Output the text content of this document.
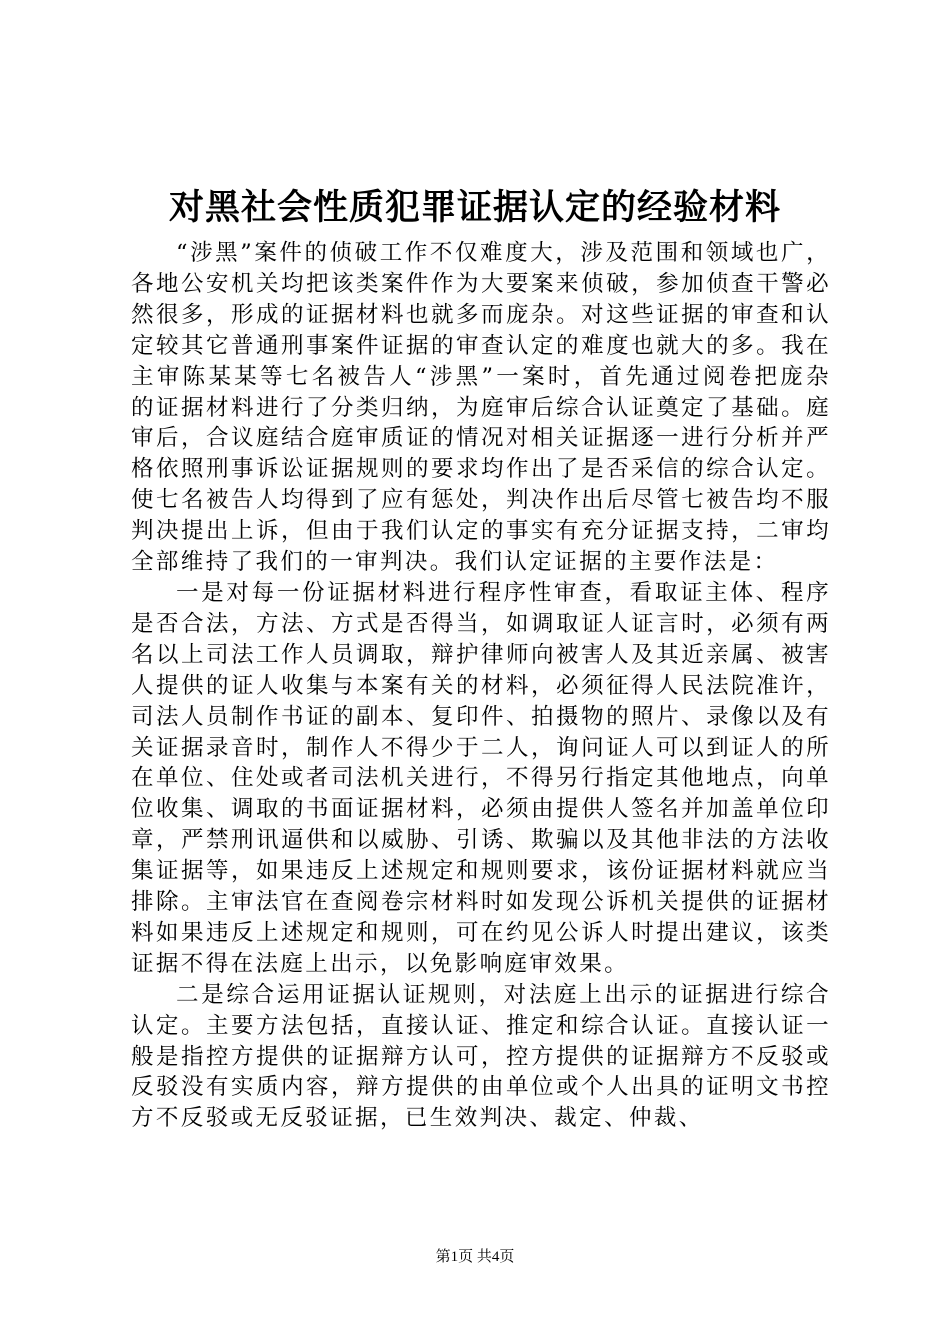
对黑社会性质犯罪证据认定的经验材料

“涉黑”案件的侦破工作不仅难度大，涉及范围和领域也广，各地公安机关均把该类案件作为大要案来侦破，参加侦查干警必然很多，形成的证据材料也就多而庞杂。对这些证据的审查和认定较其它普通刑事案件证据的审查认定的难度也就大的多。我在主审陈某某等七名被告人“涉黑”一案时，首先通过阅卷把庞杂的证据材料进行了分类归纳，为庭审后综合认证奠定了基础。庭审后，合议庭结合庭审质证的情况对相关证据逐一进行分析并严格依照刑事诉讼证据规则的要求均作出了是否采信的综合认定。使七名被告人均得到了应有惩处，判决作出后尽管七被告均不服判决提出上诉，但由于我们认定的事实有充分证据支持，二审均全部维持了我们的一审判决。我们认定证据的主要作法是：

一是对每一份证据材料进行程序性审查，看取证主体、程序是否合法，方法、方式是否得当，如调取证人证言时，必须有两名以上司法工作人员调取，辩护律师向被害人及其近亲属、被害人提供的证人收集与本案有关的材料，必须征得人民法院准许，司法人员制作书证的副本、复印件、拍摄物的照片、录像以及有关证据录音时，制作人不得少于二人，询问证人可以到证人的所在单位、住处或者司法机关进行，不得另行指定其他地点，向单位收集、调取的书面证据材料，必须由提供人签名并加盖单位印章，严禁刑讯逼供和以威胁、引诱、欺骗以及其他非法的方法收集证据等，如果违反上述规定和规则要求，该份证据材料就应当排除。主审法官在查阅卷宗材料时如发现公诉机关提供的证据材料如果违反上述规定和规则，可在约见公诉人时提出建议，该类证据不得在法庭上出示，以免影响庭审效果。

二是综合运用证据认证规则，对法庭上出示的证据进行综合认定。主要方法包括，直接认证、推定和综合认证。直接认证一般是指控方提供的证据辩方认可，控方提供的证据辩方不反驳或反驳没有实质内容，辩方提供的由单位或个人出具的证明文书控方不反驳或无反驳证据，已生效判决、裁定、仲裁、

第1页 共4页
